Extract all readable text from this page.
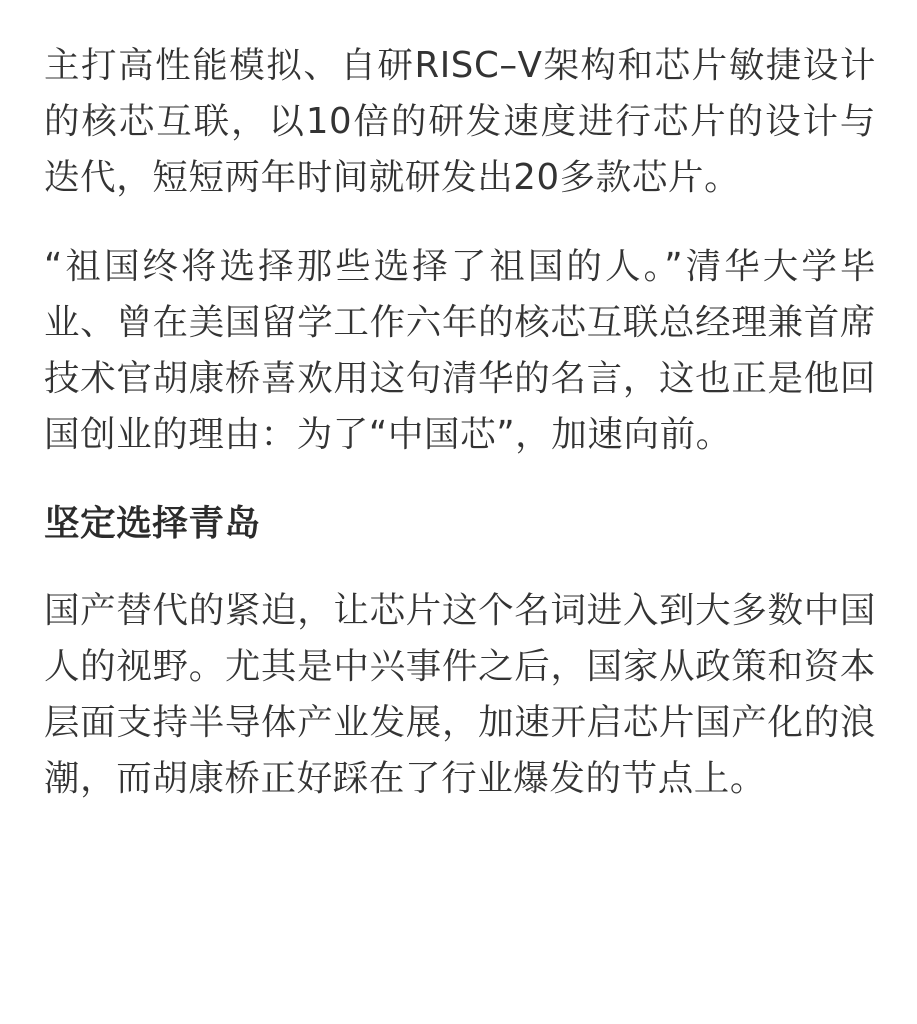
主打高性能模拟、自研RISC–V架构和芯片敏捷设计的核芯互联，以10倍的研发速度进行芯片的设计与迭代，短短两年时间就研发出20多款芯片。

“祖国终将选择那些选择了祖国的人。”清华大学毕业、曾在美国留学工作六年的核芯互联总经理兼首席技术官胡康桥喜欢用这句清华的名言，这也正是他回国创业的理由：为了“中国芯”，加速向前。

坚定选择青岛

国产替代的紧迫，让芯片这个名词进入到大多数中国人的视野。尤其是中兴事件之后，国家从政策和资本层面支持半导体产业发展，加速开启芯片国产化的浪潮，而胡康桥正好踩在了行业爆发的节点上。
